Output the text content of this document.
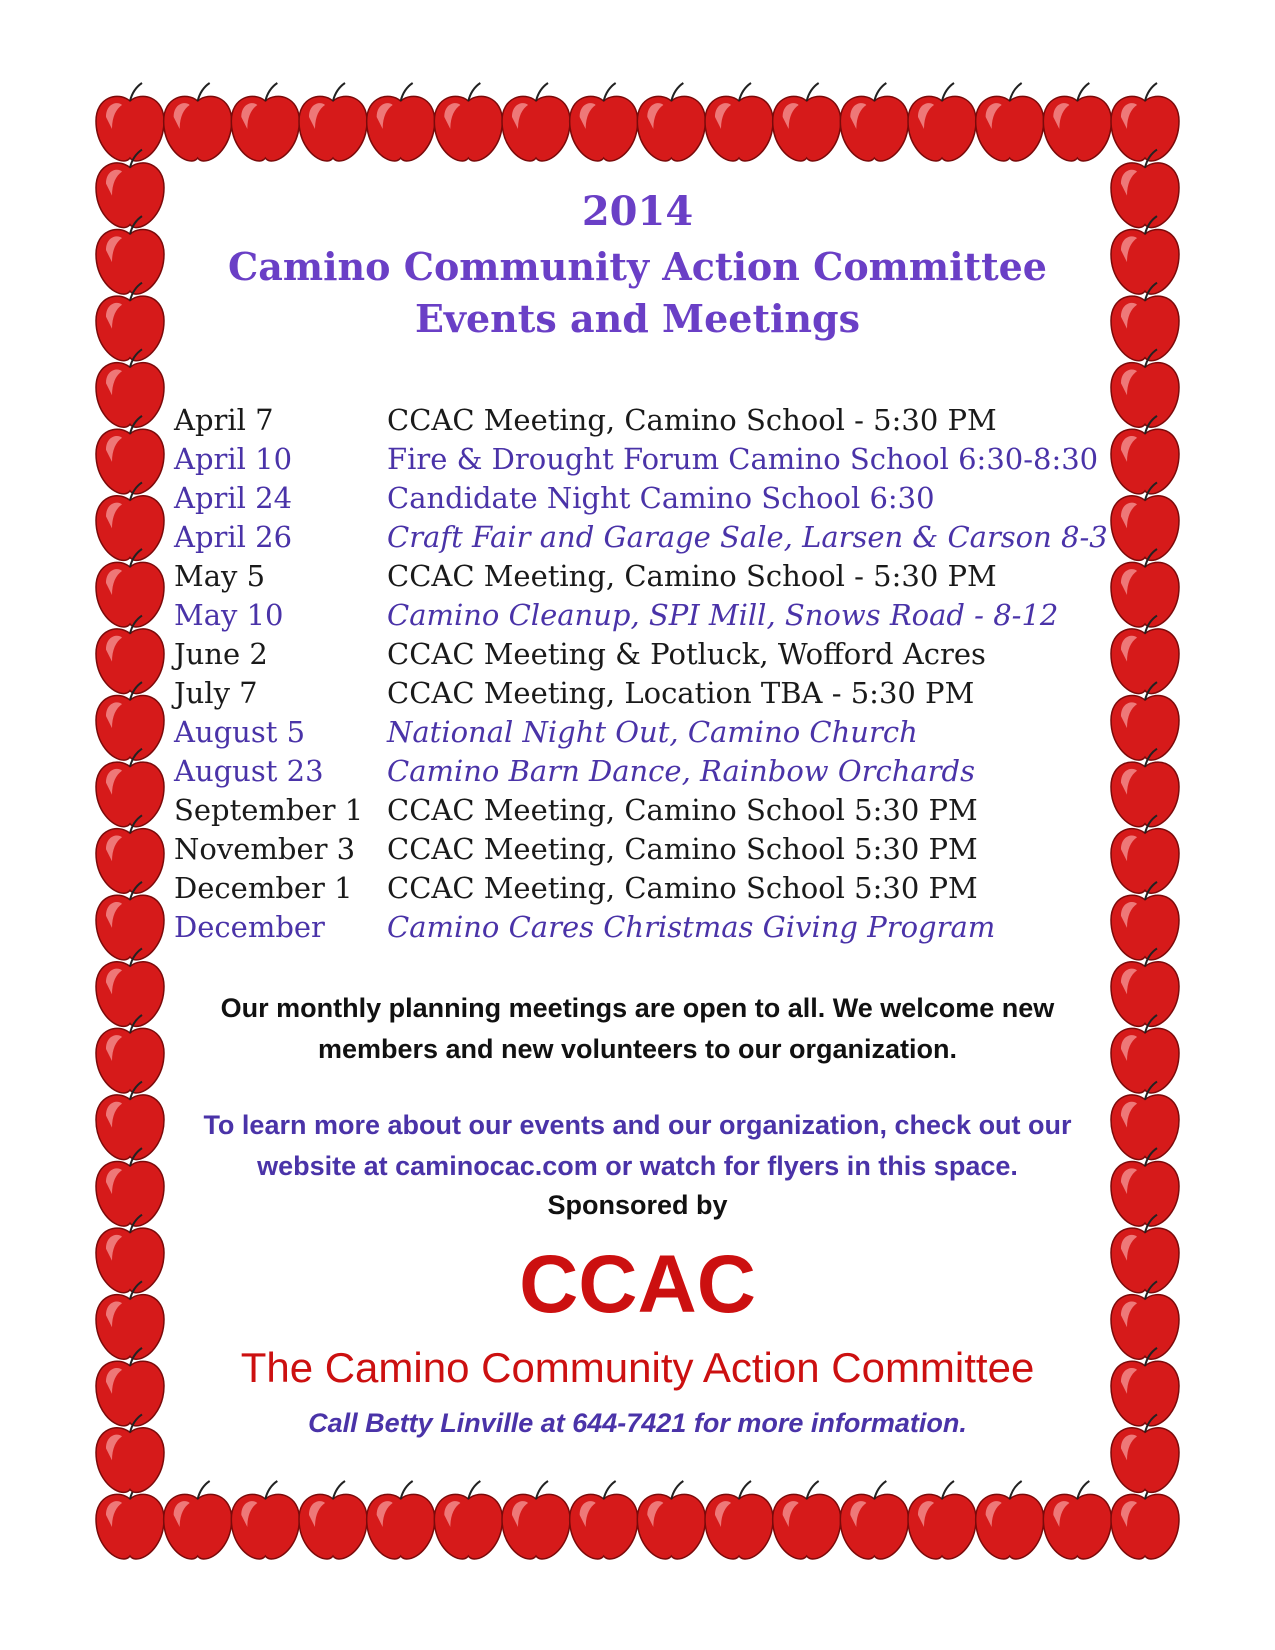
2014
Camino Community Action Committee
Events and Meetings
April 7	CCAC Meeting, Camino School - 5:30 PM
April 10	Fire & Drought Forum Camino School 6:30-8:30
April 24	Candidate Night Camino School 6:30
April 26	Craft Fair and Garage Sale, Larsen & Carson 8-3
May 5	CCAC Meeting, Camino School - 5:30 PM
May 10	Camino Cleanup, SPI Mill, Snows Road - 8-12
June 2	CCAC Meeting & Potluck, Wofford Acres
July 7	CCAC Meeting, Location TBA - 5:30 PM
August 5	National Night Out, Camino Church
August 23	Camino Barn Dance, Rainbow Orchards
September 1 CCAC Meeting, Camino School 5:30 PM
November 3	CCAC Meeting, Camino School 5:30 PM
December 1	CCAC Meeting, Camino School 5:30 PM
December	Camino Cares Christmas Giving Program

Our monthly planning meetings are open to all. We welcome new
members and new volunteers to our organization.

To learn more about our events and our organization, check out our
website at caminocac.com or watch for flyers in this space.

Sponsored by

CCAC
The Camino Community Action Committee
Call Betty Linville at 644-7421 for more information.
